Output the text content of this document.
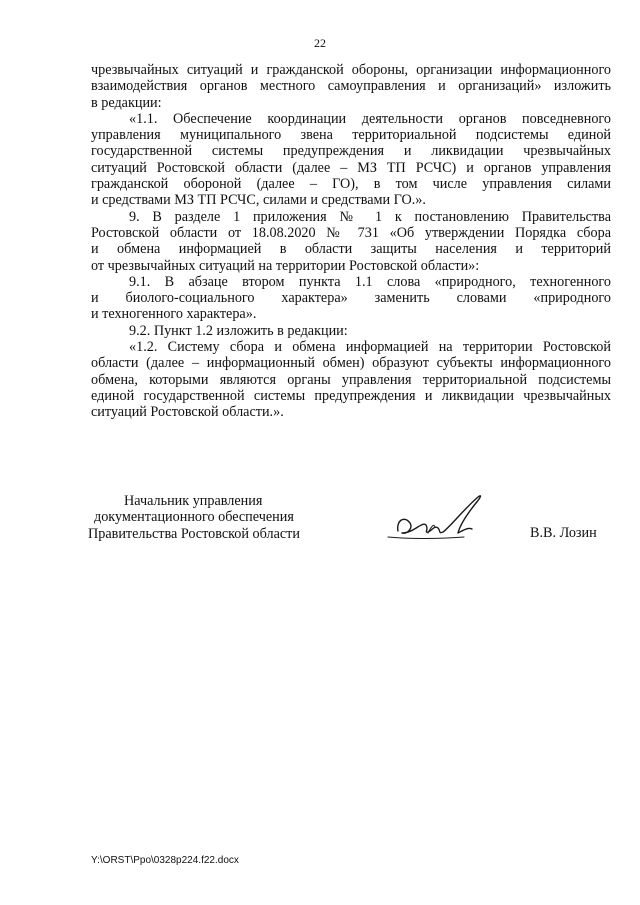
22
чрезвычайных ситуаций и гражданской обороны, организации информационного
взаимодействия органов местного самоуправления и организаций» изложить
в редакции:
«1.1. Обеспечение координации деятельности органов повседневного
управления муниципального звена территориальной подсистемы единой
государственной системы предупреждения и ликвидации чрезвычайных
ситуаций Ростовской области (далее – МЗ ТП РСЧС) и органов управления
гражданской обороной (далее – ГО), в том числе управления силами
и средствами МЗ ТП РСЧС, силами и средствами ГО.».
9. В разделе 1 приложения № 1 к постановлению Правительства
Ростовской области от 18.08.2020 № 731 «Об утверждении Порядка сбора
и обмена информацией в области защиты населения и территорий
от чрезвычайных ситуаций на территории Ростовской области»:
9.1. В абзаце втором пункта 1.1 слова «природного, техногенного
и биолого-социального характера» заменить словами «природного
и техногенного характера».
9.2. Пункт 1.2 изложить в редакции:
«1.2. Систему сбора и обмена информацией на территории Ростовской
области (далее – информационный обмен) образуют субъекты информационного
обмена, которыми являются органы управления территориальной подсистемы
единой государственной системы предупреждения и ликвидации чрезвычайных
ситуаций Ростовской области.».
Начальник управления
документационного обеспечения
Правительства Ростовской области	В.В. Лозин
Y:\ORST\Ppo\0328p224.f22.docx
